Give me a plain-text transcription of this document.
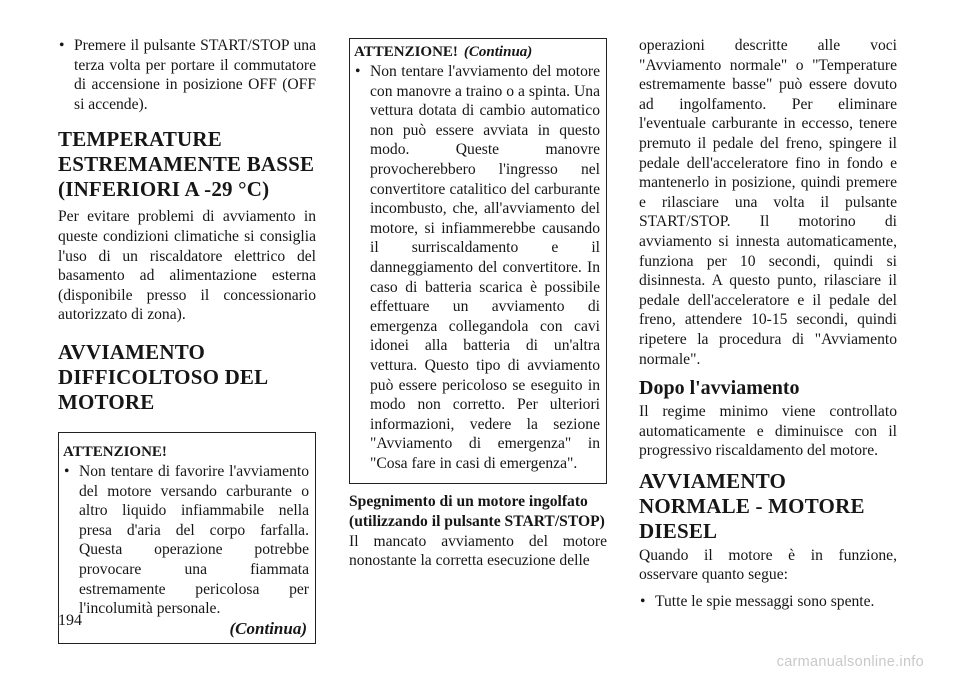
• Premere il pulsante START/STOP una terza volta per portare il commutatore di accensione in posizione OFF (OFF si accende).
TEMPERATURE ESTREMAMENTE BASSE (INFERIORI A -29 °C)

Per evitare problemi di avviamento in queste condizioni climatiche si consiglia l'uso di un riscaldatore elettrico del basamento ad alimentazione esterna (disponibile presso il concessionario autorizzato di zona).

AVVIAMENTO DIFFICOLTOSO DEL MOTORE
ATTENZIONE!
• Non tentare di favorire l'avviamento del motore versando carburante o altro liquido infiammabile nella presa d'aria del corpo farfalla. Questa operazione potrebbe provocare una fiammata estremamente pericolosa per l'incolumità personale.
(Continua)
ATTENZIONE! (Continua)
• Non tentare l'avviamento del motore con manovre a traino o a spinta. Una vettura dotata di cambio automatico non può essere avviata in questo modo. Queste manovre provocherebbero l'ingresso nel convertitore catalitico del carburante incombusto, che, all'avviamento del motore, si infiammerebbe causando il surriscaldamento e il danneggiamento del convertitore. In caso di batteria scarica è possibile effettuare un avviamento di emergenza collegandola con cavi idonei alla batteria di un'altra vettura. Questo tipo di avviamento può essere pericoloso se eseguito in modo non corretto. Per ulteriori informazioni, vedere la sezione "Avviamento di emergenza" in "Cosa fare in casi di emergenza".
Spegnimento di un motore ingolfato (utilizzando il pulsante START/STOP)

Il mancato avviamento del motore nonostante la corretta esecuzione delle

operazioni descritte alle voci "Avviamento normale" o "Temperature estremamente basse" può essere dovuto ad ingolfamento. Per eliminare l'eventuale carburante in eccesso, tenere premuto il pedale del freno, spingere il pedale dell'acceleratore fino in fondo e mantenerlo in posizione, quindi premere e rilasciare una volta il pulsante START/STOP. Il motorino di avviamento si innesta automaticamente, funziona per 10 secondi, quindi si disinnesta. A questo punto, rilasciare il pedale dell'acceleratore e il pedale del freno, attendere 10-15 secondi, quindi ripetere la procedura di "Avviamento normale".

Dopo l'avviamento

Il regime minimo viene controllato automaticamente e diminuisce con il progressivo riscaldamento del motore.

AVVIAMENTO NORMALE - MOTORE DIESEL

Quando il motore è in funzione, osservare quanto segue:

• Tutte le spie messaggi sono spente.
194
carmanualsonline.info
